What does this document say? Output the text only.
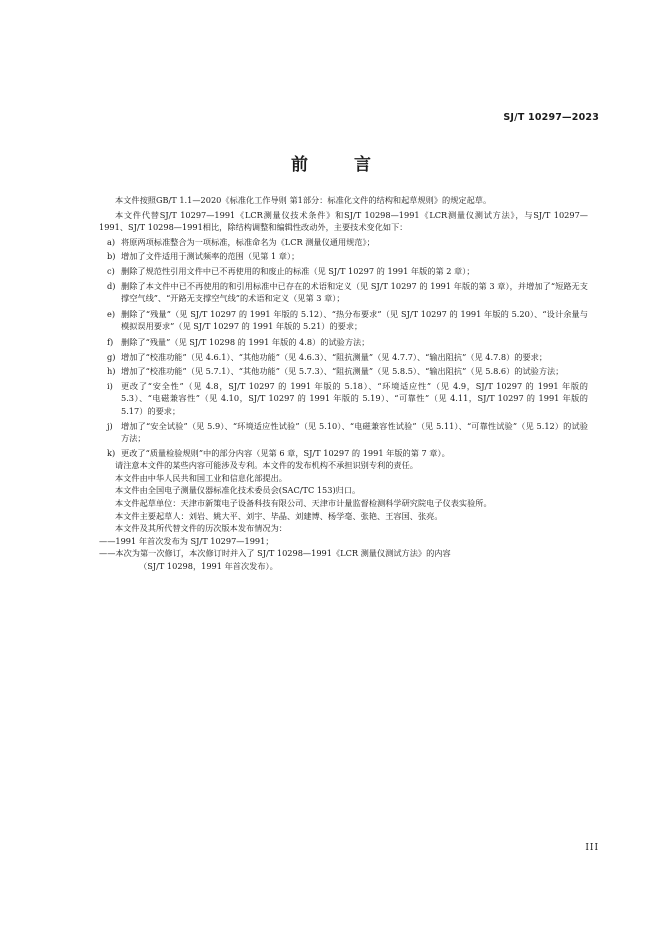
SJ/T 10297—2023
前 言

本文件按照GB/T 1.1—2020《标准化工作导则 第1部分：标准化文件的结构和起草规则》的规定起草。

本文件代替SJ/T 10297—1991《LCR测量仪技术条件》和SJ/T 10298—1991《LCR测量仪测试方法》，与SJ/T 10297—1991、SJ/T 10298—1991相比，除结构调整和编辑性改动外，主要技术变化如下：

a) 将原两项标准整合为一项标准，标准命名为《LCR 测量仪通用规范》；
b) 增加了文件适用于测试频率的范围（见第 1 章）；
c) 删除了规范性引用文件中已不再使用的和废止的标准（见 SJ/T 10297 的 1991 年版的第 2 章）；
d) 删除了本文件中已不再使用的和引用标准中已存在的术语和定义（见 SJ/T 10297 的 1991 年版的第 3 章），并增加了“短路无支撑空气线”、“开路无支撑空气线”的术语和定义（见第 3 章）；
e) 删除了“残量”（见 SJ/T 10297 的 1991 年版的 5.12）、“热分布要求”（见 SJ/T 10297 的 1991 年版的 5.20）、“设计余量与模拟误用要求”（见 SJ/T 10297 的 1991 年版的 5.21）的要求；
f) 删除了“残量”（见 SJ/T 10298 的 1991 年版的 4.8）的试验方法；
g) 增加了“校准功能”（见 4.6.1）、“其他功能”（见 4.6.3）、“阻抗测量”（见 4.7.7）、“输出阻抗”（见 4.7.8）的要求；
h) 增加了“校准功能”（见 5.7.1）、“其他功能”（见 5.7.3）、“阻抗测量”（见 5.8.5）、“输出阻抗”（见 5.8.6）的试验方法；
i) 更改了“安全性”（见 4.8，SJ/T 10297 的 1991 年版的 5.18）、“环境适应性”（见 4.9，SJ/T 10297 的 1991 年版的 5.3）、“电磁兼容性”（见 4.10，SJ/T 10297 的 1991 年版的 5.19）、“可靠性”（见 4.11，SJ/T 10297 的 1991 年版的 5.17）的要求；
j)	增加了“安全试验”（见 5.9）、“环境适应性试验”（见 5.10）、“电磁兼容性试验”（见 5.11）、“可靠性试验”（见 5.12）的试验方法；
k) 更改了“质量检验规则”中的部分内容（见第 6 章，SJ/T 10297 的 1991 年版的第 7 章）。

请注意本文件的某些内容可能涉及专利。本文件的发布机构不承担识别专利的责任。

本文件由中华人民共和国工业和信息化部提出。

本文件由全国电子测量仪器标准化技术委员会(SAC/TC 153)归口。

本文件起草单位：天津市新策电子设备科技有限公司、天津市计量监督检测科学研究院电子仪表实验所。

本文件主要起草人：刘岩、姚大平、刘宇、毕晶、刘建博、杨学毫、张艳、王容国、张亮。

本文件及其所代替文件的历次版本发布情况为：

——1991 年首次发布为 SJ/T 10297—1991；

——本次为第一次修订，本次修订时并入了 SJ/T 10298—1991《LCR 测量仪测试方法》的内容

（SJ/T 10298，1991 年首次发布）。

III
